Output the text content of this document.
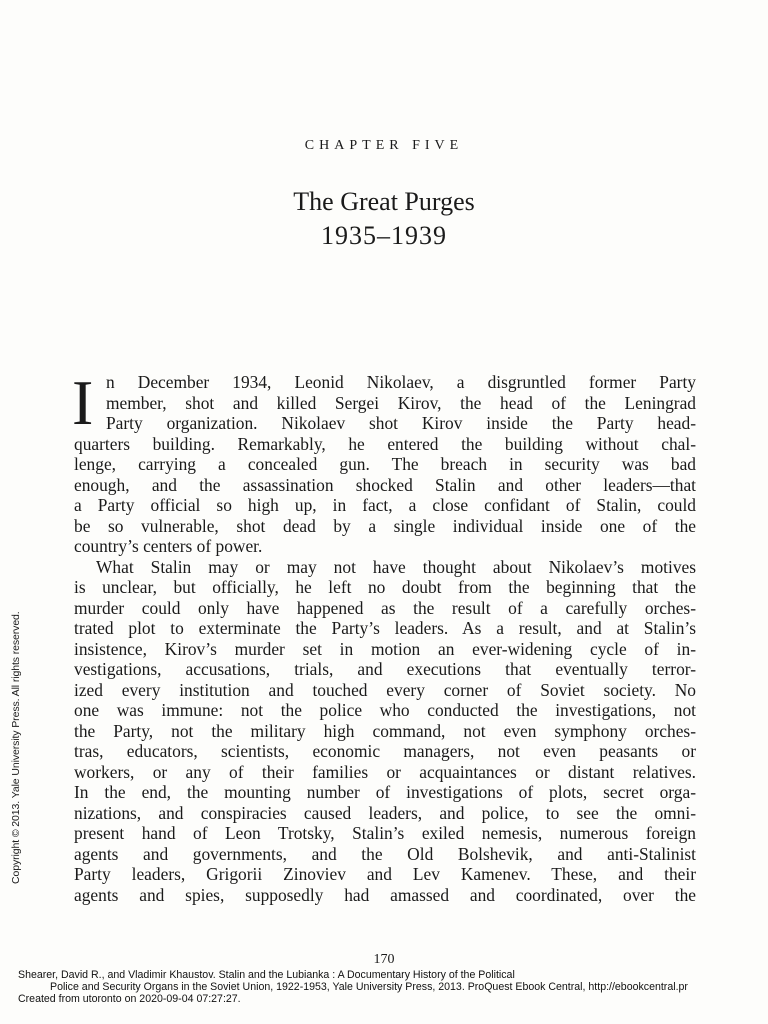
CHAPTER FIVE
The Great Purges
1935–1939
I n December 1934, Leonid Nikolaev, a disgruntled former Party
member, shot and killed Sergei Kirov, the head of the Leningrad
Party organization. Nikolaev shot Kirov inside the Party head-
quarters building. Remarkably, he entered the building without chal-
lenge, carrying a concealed gun. The breach in security was bad
enough, and the assassination shocked Stalin and other leaders—that
a Party official so high up, in fact, a close confidant of Stalin, could
be so vulnerable, shot dead by a single individual inside one of the
country’s centers of power.
What Stalin may or may not have thought about Nikolaev’s motives
is unclear, but officially, he left no doubt from the beginning that the
murder could only have happened as the result of a carefully orches-
trated plot to exterminate the Party’s leaders. As a result, and at Stalin’s
insistence, Kirov’s murder set in motion an ever-widening cycle of in-
vestigations, accusations, trials, and executions that eventually terror-
ized every institution and touched every corner of Soviet society. No
one was immune: not the police who conducted the investigations, not
the Party, not the military high command, not even symphony orches-
tras, educators, scientists, economic managers, not even peasants or
workers, or any of their families or acquaintances or distant relatives.
In the end, the mounting number of investigations of plots, secret orga-
nizations, and conspiracies caused leaders, and police, to see the omni-
present hand of Leon Trotsky, Stalin’s exiled nemesis, numerous foreign
agents and governments, and the Old Bolshevik, and anti-Stalinist
Party leaders, Grigorii Zinoviev and Lev Kamenev. These, and their
agents and spies, supposedly had amassed and coordinated, over the
170
Shearer, David R., and Vladimir Khaustov. Stalin and the Lubianka : A Documentary History of the Political
Police and Security Organs in the Soviet Union, 1922-1953, Yale University Press, 2013. ProQuest Ebook Central, http://ebookcentral.pr
Created from utoronto on 2020-09-04 07:27:27.
Copyright © 2013. Yale University Press. All rights reserved.
